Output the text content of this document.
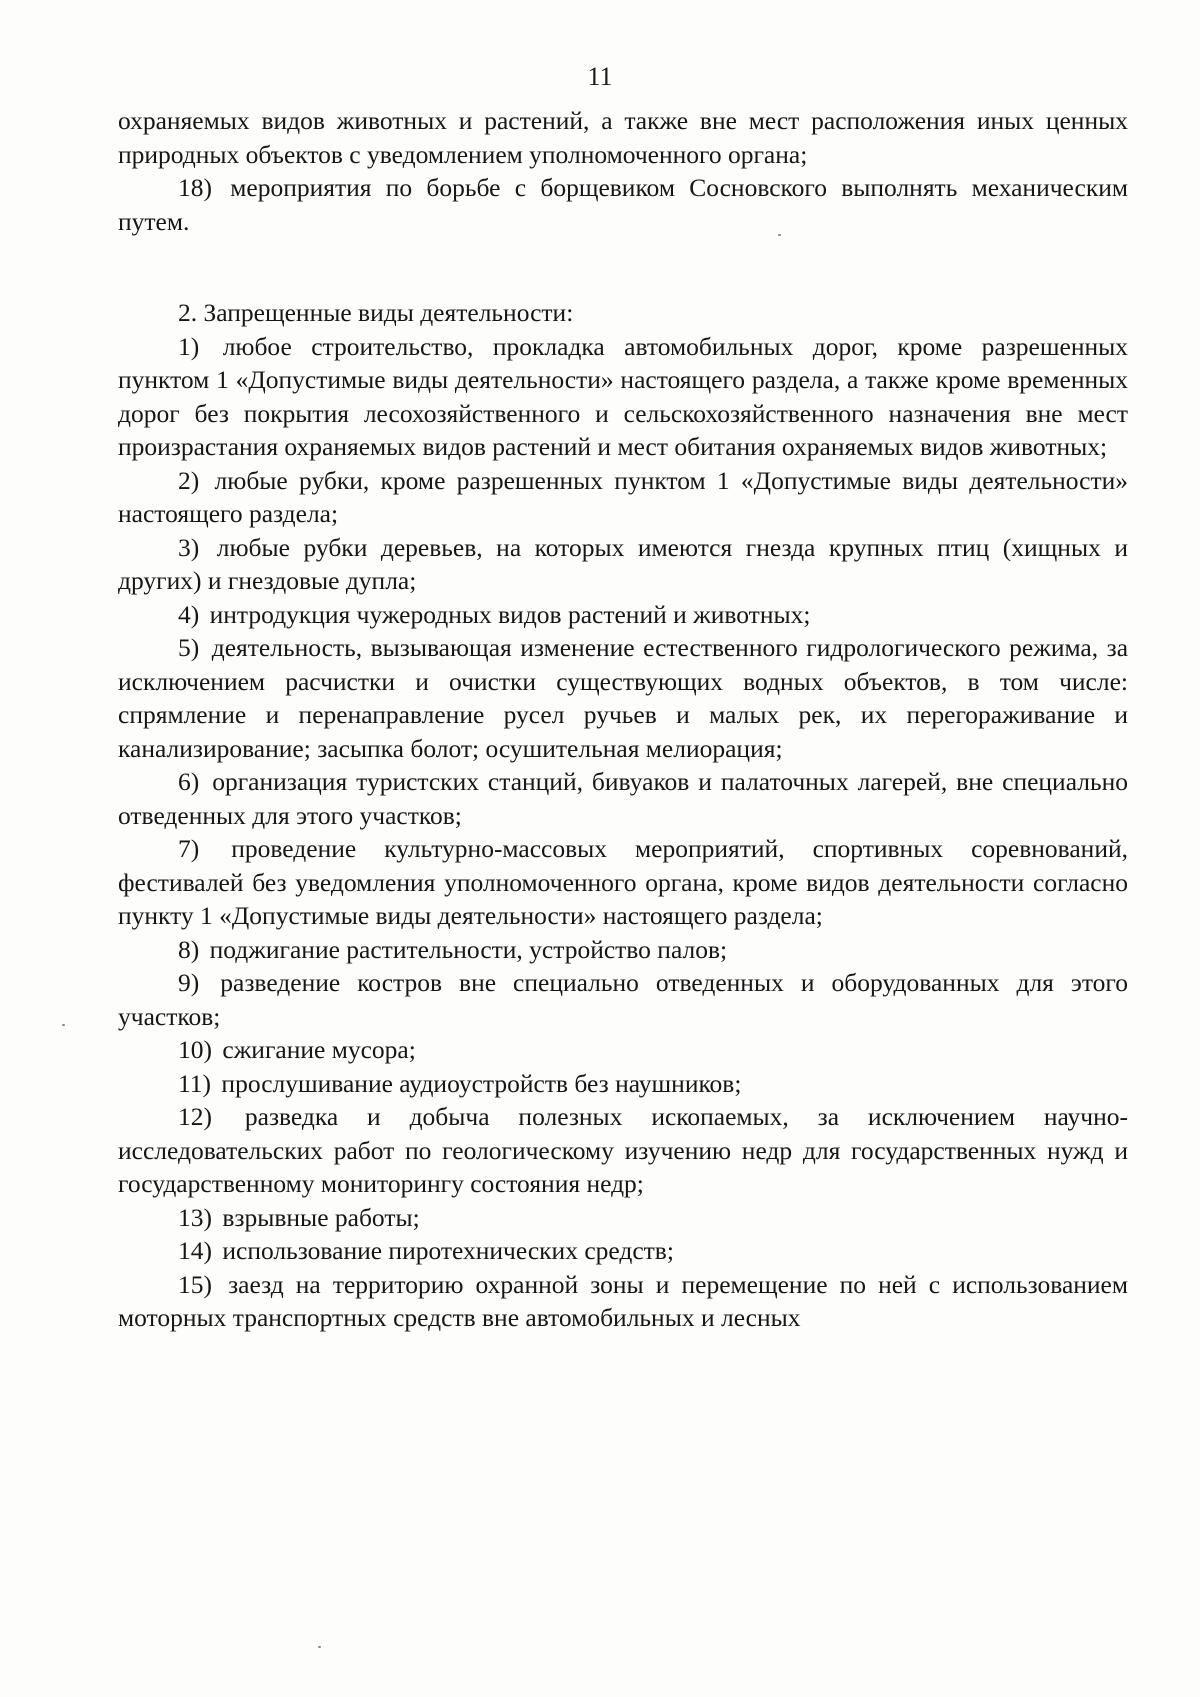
11

охраняемых видов животных и растений, а также вне мест расположения иных ценных природных объектов с уведомлением уполномоченного органа;

18) мероприятия по борьбе с борщевиком Сосновского выполнять механическим путем.

2. Запрещенные виды деятельности:

1) любое строительство, прокладка автомобильных дорог, кроме разрешенных пунктом 1 «Допустимые виды деятельности» настоящего раздела, а также кроме временных дорог без покрытия лесохозяйственного и сельскохозяйственного назначения вне мест произрастания охраняемых видов растений и мест обитания охраняемых видов животных;

2) любые рубки, кроме разрешенных пунктом 1 «Допустимые виды деятельности» настоящего раздела;

3) любые рубки деревьев, на которых имеются гнезда крупных птиц (хищных и других) и гнездовые дупла;

4) интродукция чужеродных видов растений и животных;

5) деятельность, вызывающая изменение естественного гидрологического режима, за исключением расчистки и очистки существующих водных объектов, в том числе: спрямление и перенаправление русел ручьев и малых рек, их перегораживание и канализирование; засыпка болот; осушительная мелиорация;

6) организация туристских станций, бивуаков и палаточных лагерей, вне специально отведенных для этого участков;

7) проведение культурно-массовых мероприятий, спортивных соревнований, фестивалей без уведомления уполномоченного органа, кроме видов деятельности согласно пункту 1 «Допустимые виды деятельности» настоящего раздела;

8) поджигание растительности, устройство палов;

9) разведение костров вне специально отведенных и оборудованных для этого участков;

10) сжигание мусора;

11) прослушивание аудиоустройств без наушников;

12) разведка и добыча полезных ископаемых, за исключением научно-исследовательских работ по геологическому изучению недр для государственных нужд и государственному мониторингу состояния недр;

13) взрывные работы;

14) использование пиротехнических средств;

15) заезд на территорию охранной зоны и перемещение по ней с использованием моторных транспортных средств вне автомобильных и лесных
